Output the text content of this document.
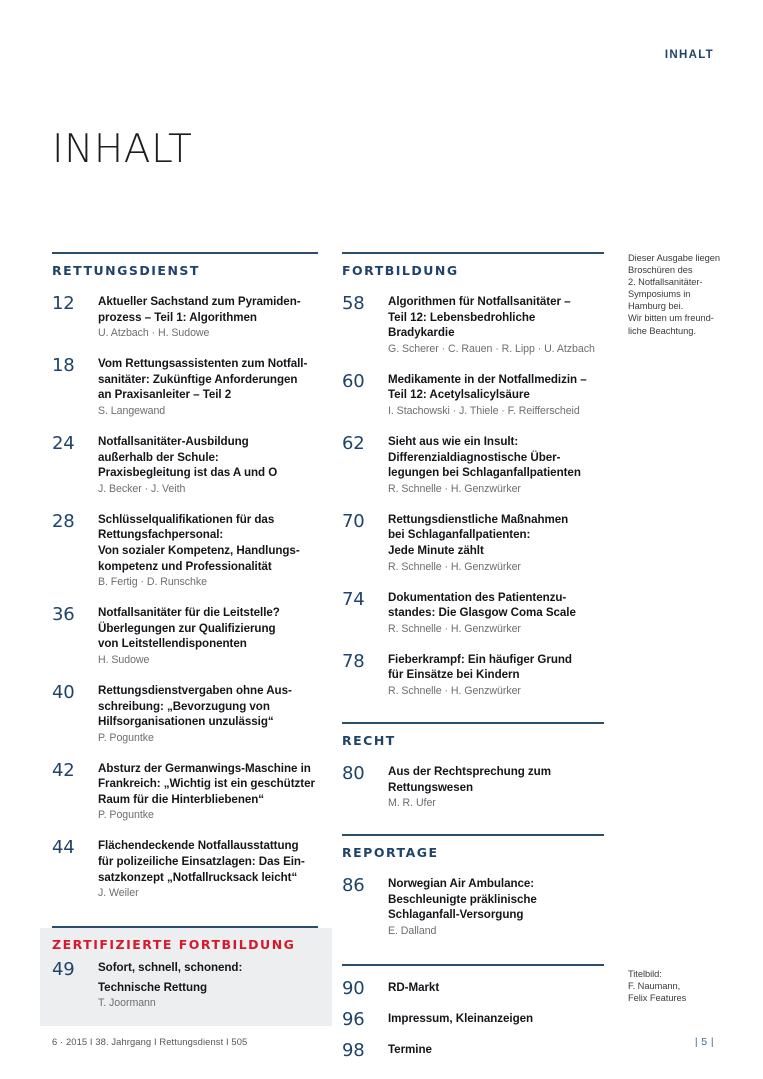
INHALT
INHALT
RETTUNGSDIENST
12	Aktueller Sachstand zum Pyramiden-
prozess – Teil 1: Algorithmen
U. Atzbach · H. Sudowe
18	Vom Rettungsassistenten zum Notfall-
sanitäter: Zukünftige Anforderungen
an Praxisanleiter – Teil 2
S. Langewand
24	Notfallsanitäter-Ausbildung
außerhalb der Schule:
Praxisbegleitung ist das A und O
J. Becker · J. Veith
28	Schlüsselqualifikationen für das
Rettungsfachpersonal:
Von sozialer Kompetenz, Handlungs-
kompetenz und Professionalität
B. Fertig · D. Runschke
36	Notfallsanitäter für die Leitstelle?
Überlegungen zur Qualifizierung
von Leitstellendisponenten
H. Sudowe
40	Rettungsdienstvergaben ohne Aus-
schreibung: „Bevorzugung von
Hilfsorganisationen unzulässig“
P. Poguntke
42	Absturz der Germanwings-Maschine in
Frankreich: „Wichtig ist ein geschützter
Raum für die Hinterbliebenen“
P. Poguntke
44	Flächendeckende Notfallausstattung
für polizeiliche Einsatzlagen: Das Ein-
satzkonzept „Notfallrucksack leicht“
J. Weiler
ZERTIFIZIERTE FORTBILDUNG
49	Sofort, schnell, schonend:
Technische Rettung
T. Joormann
FORTBILDUNG
58	Algorithmen für Notfallsanitäter –
Teil 12: Lebensbedrohliche Bradykardie
G. Scherer · C. Rauen · R. Lipp · U. Atzbach
60	Medikamente in der Notfallmedizin –
Teil 12: Acetylsalicylsäure
I. Stachowski · J. Thiele · F. Reifferscheid
62	Sieht aus wie ein Insult:
Differenzialdiagnostische Über-
legungen bei Schlaganfallpatienten
R. Schnelle · H. Genzwürker
70	Rettungsdienstliche Maßnahmen
bei Schlaganfallpatienten:
Jede Minute zählt
R. Schnelle · H. Genzwürker
74	Dokumentation des Patientenzu-
standes: Die Glasgow Coma Scale
R. Schnelle · H. Genzwürker
78	Fieberkrampf: Ein häufiger Grund
für Einsätze bei Kindern
R. Schnelle · H. Genzwürker
RECHT
80	Aus der Rechtsprechung zum
Rettungswesen
M. R. Ufer
REPORTAGE
86	Norwegian Air Ambulance:
Beschleunigte präklinische
Schlaganfall-Versorgung
E. Dalland
90	RD-Markt
96	Impressum, Kleinanzeigen
98	Termine
Dieser Ausgabe liegen
Broschüren des
2. Notfallsanitäter-
Symposiums in
Hamburg bei.
Wir bitten um freund-
liche Beachtung.
Titelbild:
F. Naumann,
Felix Features
6 · 2015 I 38. Jahrgang I Rettungsdienst I 505	| 5 |
